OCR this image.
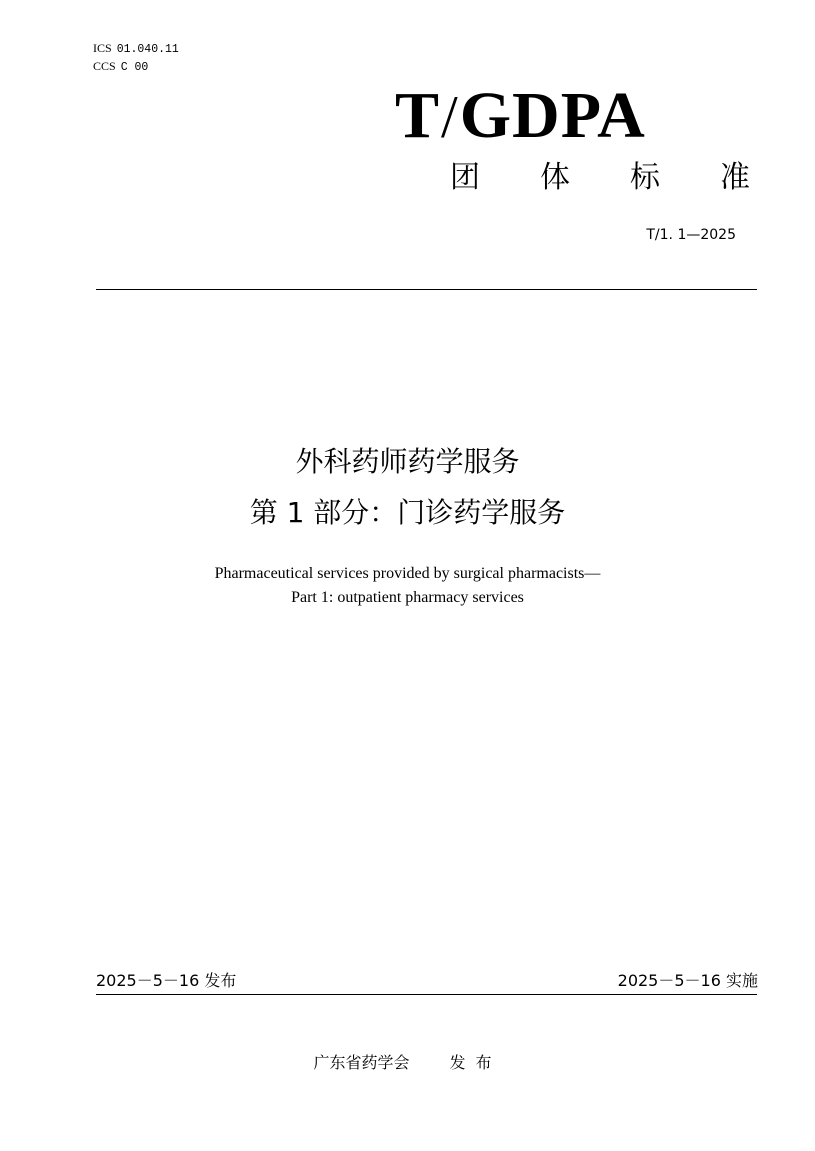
ICS 01.040.11
CCS C 00
T/GDPA
团 体 标 准
T/1. 1—2025
外科药师药学服务
第 1 部分：门诊药学服务
Pharmaceutical services provided by surgical pharmacists—
Part 1: outpatient pharmacy services
2025－5－16 发布	2025－5－16 实施
广东省药学会	发布
